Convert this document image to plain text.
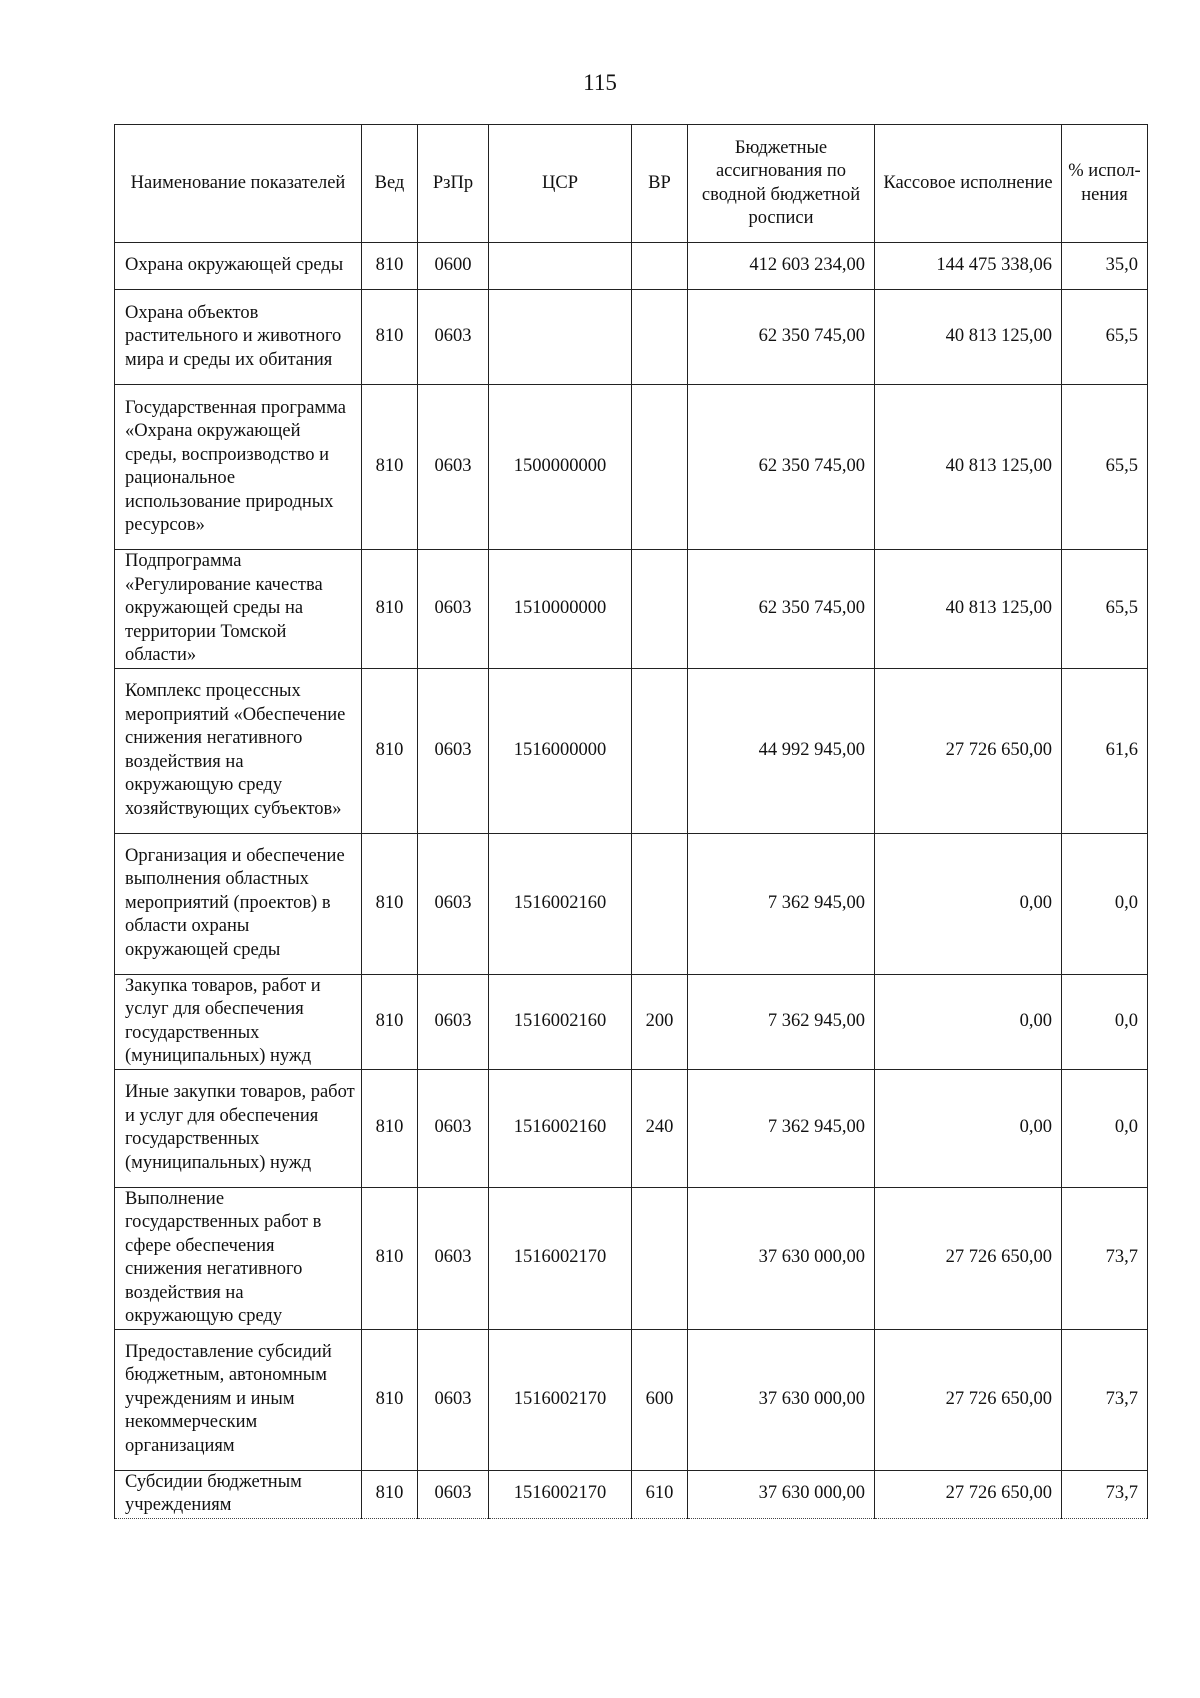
115
Наименование показателей	Вед	РзПр	ЦСР	ВР	Бюджетные ассигнования по сводной бюджетной росписи	Кассовое исполнение	% испол-нения
Охрана окружающей среды	810	0600			412 603 234,00	144 475 338,06	35,0
Охрана объектов растительного и животного мира и среды их обитания	810	0603			62 350 745,00	40 813 125,00	65,5
Государственная программа «Охрана окружающей среды, воспроизводство и рациональное использование природных ресурсов»	810	0603	1500000000		62 350 745,00	40 813 125,00	65,5
Подпрограмма «Регулирование качества окружающей среды на территории Томской области»	810	0603	1510000000		62 350 745,00	40 813 125,00	65,5
Комплекс процессных мероприятий «Обеспечение снижения негативного воздействия на окружающую среду хозяйствующих субъектов»	810	0603	1516000000		44 992 945,00	27 726 650,00	61,6
Организация и обеспечение выполнения областных мероприятий (проектов) в области охраны окружающей среды	810	0603	1516002160		7 362 945,00	0,00	0,0
Закупка товаров, работ и услуг для обеспечения государственных (муниципальных) нужд	810	0603	1516002160	200	7 362 945,00	0,00	0,0
Иные закупки товаров, работ и услуг для обеспечения государственных (муниципальных) нужд	810	0603	1516002160	240	7 362 945,00	0,00	0,0
Выполнение государственных работ в сфере обеспечения снижения негативного воздействия на окружающую среду	810	0603	1516002170		37 630 000,00	27 726 650,00	73,7
Предоставление субсидий бюджетным, автономным учреждениям и иным некоммерческим организациям	810	0603	1516002170	600	37 630 000,00	27 726 650,00	73,7
Субсидии бюджетным учреждениям	810	0603	1516002170	610	37 630 000,00	27 726 650,00	73,7
